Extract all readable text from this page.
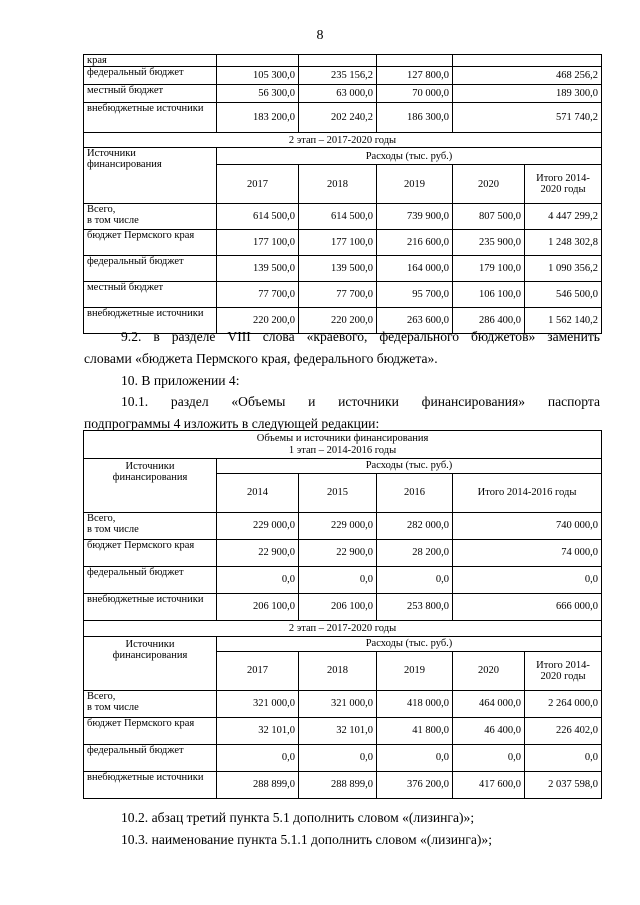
8
края					
федеральный бюджет	105 300,0	235 156,2	127 800,0	468 256,2	
местный бюджет	56 300,0	63 000,0	70 000,0	189 300,0	
внебюджетные источники	183 200,0	202 240,2	186 300,0	571 740,2	
2 этап – 2017-2020 годы					
Источники финансирования	Расходы (тыс. руб.)				
	2017	2018	2019	2020	Итого 2014-2020 годы
Всего,
в том числе	614 500,0	614 500,0	739 900,0	807 500,0	4 447 299,2
бюджет Пермского края	177 100,0	177 100,0	216 600,0	235 900,0	1 248 302,8
федеральный бюджет	139 500,0	139 500,0	164 000,0	179 100,0	1 090 356,2
местный бюджет	77 700,0	77 700,0	95 700,0	106 100,0	546 500,0
внебюджетные источники	220 200,0	220 200,0	263 600,0	286 400,0	1 562 140,2
9.2. в разделе VIII слова «краевого, федерального бюджетов» заменить
словами «бюджета Пермского края, федерального бюджета».
10. В приложении 4:
10.1. раздел «Объемы и источники финансирования» паспорта
подпрограммы 4 изложить в следующей редакции:
Объемы и источники финансирования
1 этап – 2014-2016 годы					

Источники финансирования	Расходы (тыс. руб.)				
	2014	2015	2016	Итого 2014-2016 годы	
Всего,
в том числе	229 000,0	229 000,0	282 000,0	740 000,0	
бюджет Пермского края	22 900,0	22 900,0	28 200,0	74 000,0	
федеральный бюджет	0,0	0,0	0,0	0,0	
внебюджетные источники	206 100,0	206 100,0	253 800,0	666 000,0	
2 этап – 2017-2020 годы					
Источники финансирования	Расходы (тыс. руб.)				
	2017	2018	2019	2020	Итого 2014-2020 годы
Всего,
в том числе	321 000,0	321 000,0	418 000,0	464 000,0	2 264 000,0
бюджет Пермского края	32 101,0	32 101,0	41 800,0	46 400,0	226 402,0
федеральный бюджет	0,0	0,0	0,0	0,0	0,0
внебюджетные источники	288 899,0	288 899,0	376 200,0	417 600,0	2 037 598,0
10.2. абзац третий пункта 5.1 дополнить словом «(лизинга)»;
10.3. наименование пункта 5.1.1 дополнить словом «(лизинга)»;
